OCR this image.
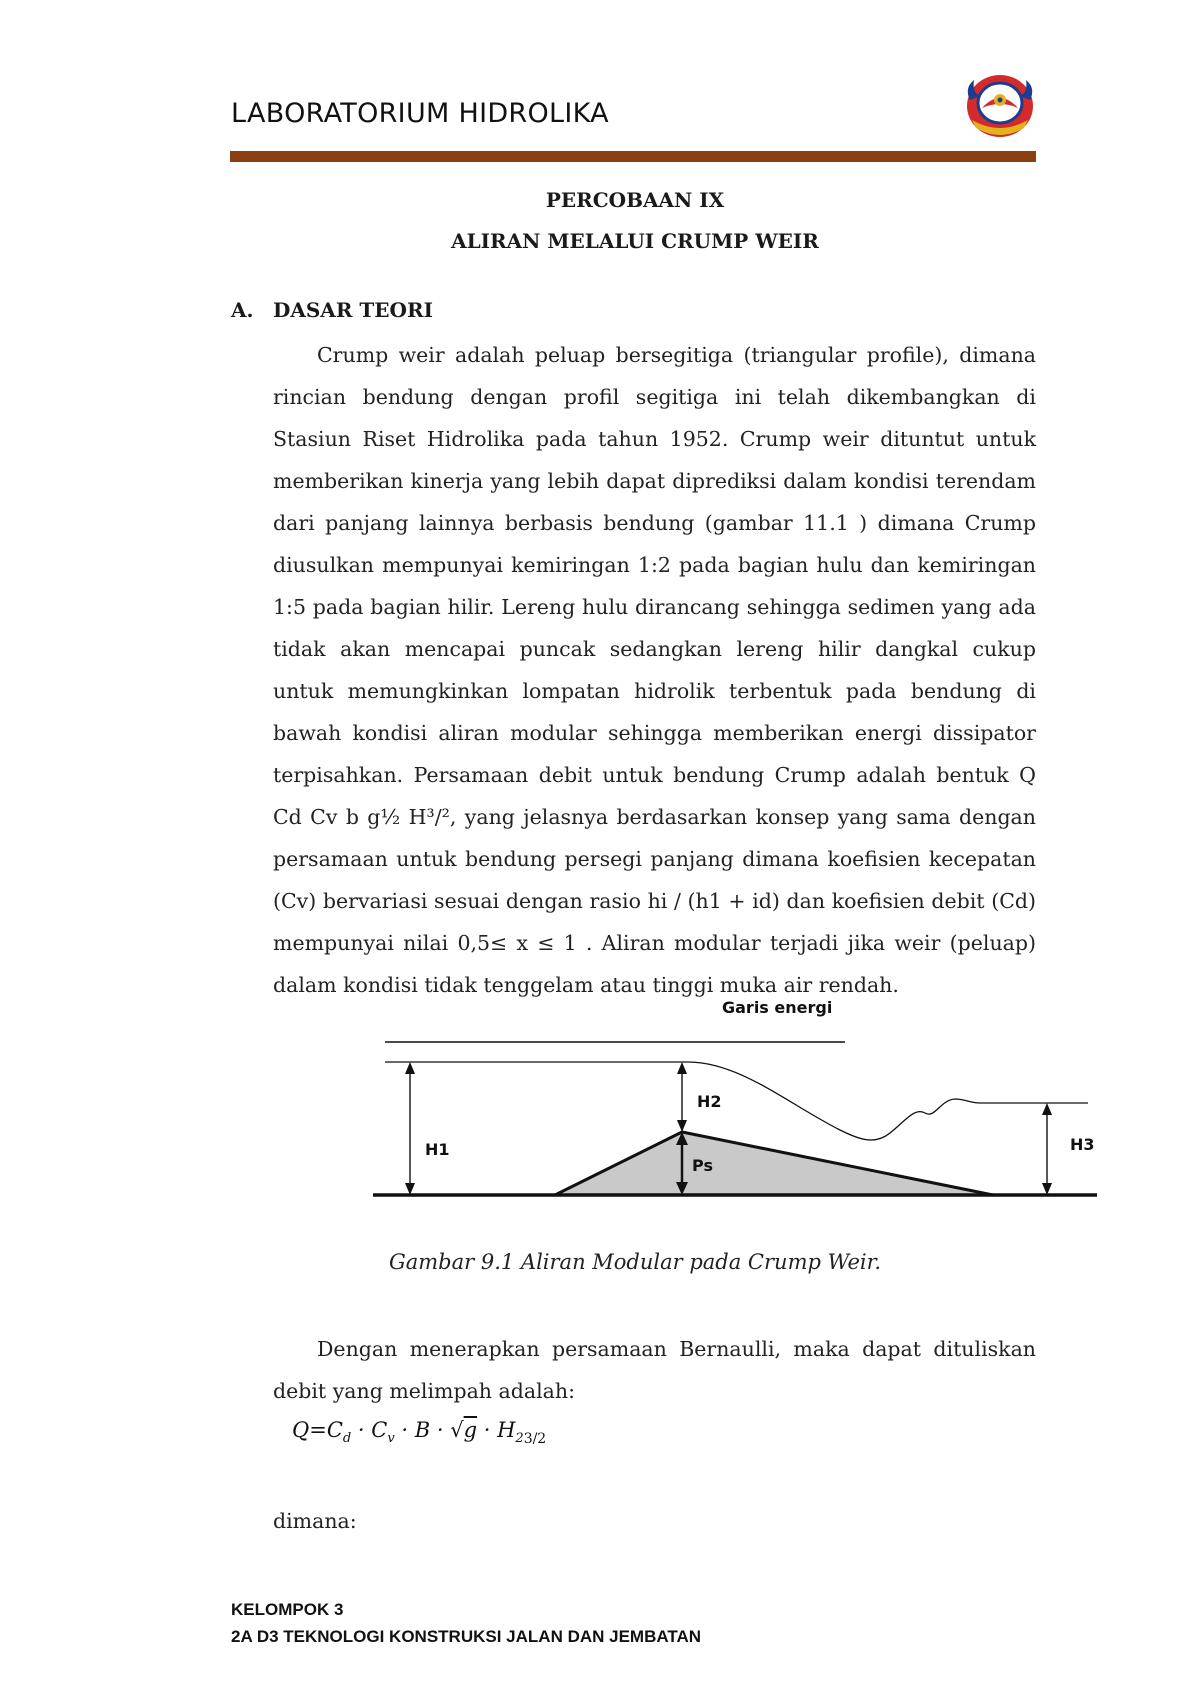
LABORATORIUM HIDROLIKA
PERCOBAAN IX
ALIRAN MELALUI CRUMP WEIR
A. DASAR TEORI

Crump weir adalah peluap bersegitiga (triangular profile), dimana rincian bendung dengan profil segitiga ini telah dikembangkan di Stasiun Riset Hidrolika pada tahun 1952. Crump weir dituntut untuk memberikan kinerja yang lebih dapat diprediksi dalam kondisi terendam dari panjang lainnya berbasis bendung (gambar 11.1 ) dimana Crump diusulkan mempunyai kemiringan 1:2 pada bagian hulu dan kemiringan 1:5 pada bagian hilir. Lereng hulu dirancang sehingga sedimen yang ada tidak akan mencapai puncak sedangkan lereng hilir dangkal cukup untuk memungkinkan lompatan hidrolik terbentuk pada bendung di bawah kondisi aliran modular sehingga memberikan energi dissipator terpisahkan. Persamaan debit untuk bendung Crump adalah bentuk Q Cd Cv b g½ H³/², yang jelasnya berdasarkan konsep yang sama dengan persamaan untuk bendung persegi panjang dimana koefisien kecepatan (Cv) bervariasi sesuai dengan rasio hi / (h1 + id) dan koefisien debit (Cd) mempunyai nilai 0,5≤ x ≤ 1 . Aliran modular terjadi jika weir (peluap) dalam kondisi tidak tenggelam atau tinggi muka air rendah.

Garis energi
H1
H2
Ps
H3
Gambar 9.1 Aliran Modular pada Crump Weir.

Dengan menerapkan persamaan Bernaulli, maka dapat dituliskan debit yang melimpah adalah:

$Q=C_d \cdot C_v \cdot B \cdot √g \cdot H_{23/2}$
dimana:
KELOMPOK 3
2A D3 TEKNOLOGI KONSTRUKSI JALAN DAN JEMBATAN
